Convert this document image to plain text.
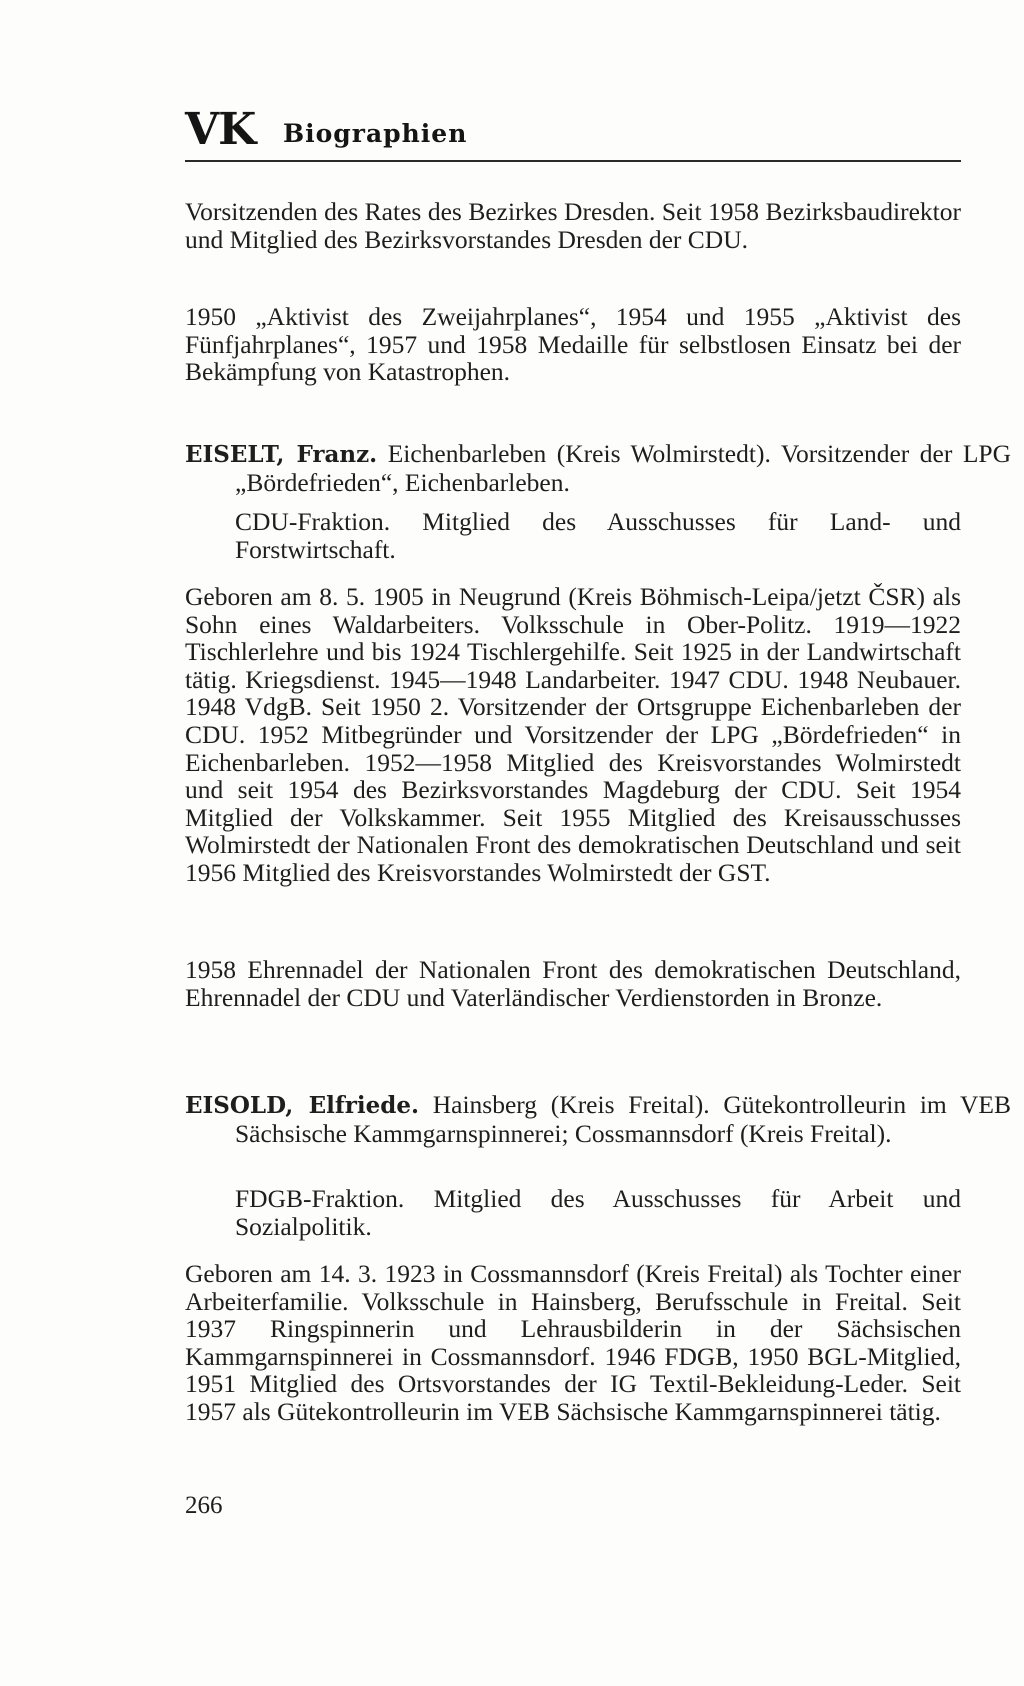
VK Biographien

Vorsitzenden des Rates des Bezirkes Dresden. Seit 1958 Bezirksbaudirektor und Mitglied des Bezirksvorstandes Dresden der CDU.

1950 „Aktivist des Zweijahrplanes“, 1954 und 1955 „Aktivist des Fünfjahrplanes“, 1957 und 1958 Medaille für selbstlosen Einsatz bei der Bekämpfung von Katastrophen.

EISELT, Franz. Eichenbarleben (Kreis Wolmirstedt). Vorsitzender der LPG „Bördefrieden“, Eichenbarleben.

CDU-Fraktion. Mitglied des Ausschusses für Land- und Forstwirtschaft.

Geboren am 8. 5. 1905 in Neugrund (Kreis Böhmisch-Leipa/jetzt ČSR) als Sohn eines Waldarbeiters. Volksschule in Ober-Politz. 1919—1922 Tischlerlehre und bis 1924 Tischlergehilfe. Seit 1925 in der Landwirtschaft tätig. Kriegsdienst. 1945—1948 Landarbeiter. 1947 CDU. 1948 Neubauer. 1948 VdgB. Seit 1950 2. Vorsitzender der Ortsgruppe Eichenbarleben der CDU. 1952 Mitbegründer und Vorsitzender der LPG „Bördefrieden“ in Eichenbarleben. 1952—1958 Mitglied des Kreisvorstandes Wolmirstedt und seit 1954 des Bezirksvorstandes Magdeburg der CDU. Seit 1954 Mitglied der Volkskammer. Seit 1955 Mitglied des Kreisausschusses Wolmirstedt der Nationalen Front des demokratischen Deutschland und seit 1956 Mitglied des Kreisvorstandes Wolmirstedt der GST.

1958 Ehrennadel der Nationalen Front des demokratischen Deutschland, Ehrennadel der CDU und Vaterländischer Verdienstorden in Bronze.

EISOLD, Elfriede. Hainsberg (Kreis Freital). Gütekontrolleurin im VEB Sächsische Kammgarnspinnerei; Cossmannsdorf (Kreis Freital).

FDGB-Fraktion. Mitglied des Ausschusses für Arbeit und Sozialpolitik.

Geboren am 14. 3. 1923 in Cossmannsdorf (Kreis Freital) als Tochter einer Arbeiterfamilie. Volksschule in Hainsberg, Berufsschule in Freital. Seit 1937 Ringspinnerin und Lehrausbilderin in der Sächsischen Kammgarnspinnerei in Cossmannsdorf. 1946 FDGB, 1950 BGL-Mitglied, 1951 Mitglied des Ortsvorstandes der IG Textil-Bekleidung-Leder. Seit 1957 als Gütekontrolleurin im VEB Sächsische Kammgarnspinnerei tätig.

266
